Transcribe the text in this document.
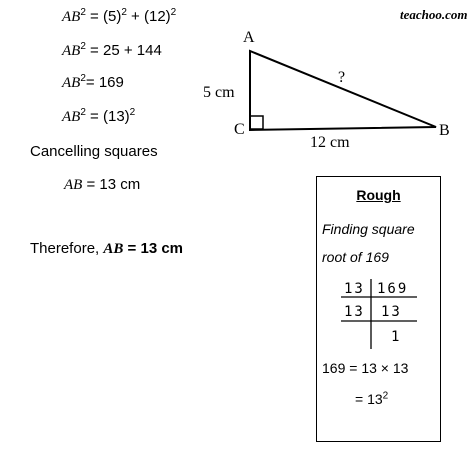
teachoo.com
$AB^2 = (5)^2 + (12)^2$
$AB^2 = 25 + 144$
$AB^2= 169$
$AB^2 = (13)^2$
Cancelling squares
AB = 13 cm
Therefore, AB = 13 cm
A
C	B
5 cm
12 cm
?
Rough
Finding square
root of 169
13 169
13 13
1
169 = 13 × 13
= $13^2$
